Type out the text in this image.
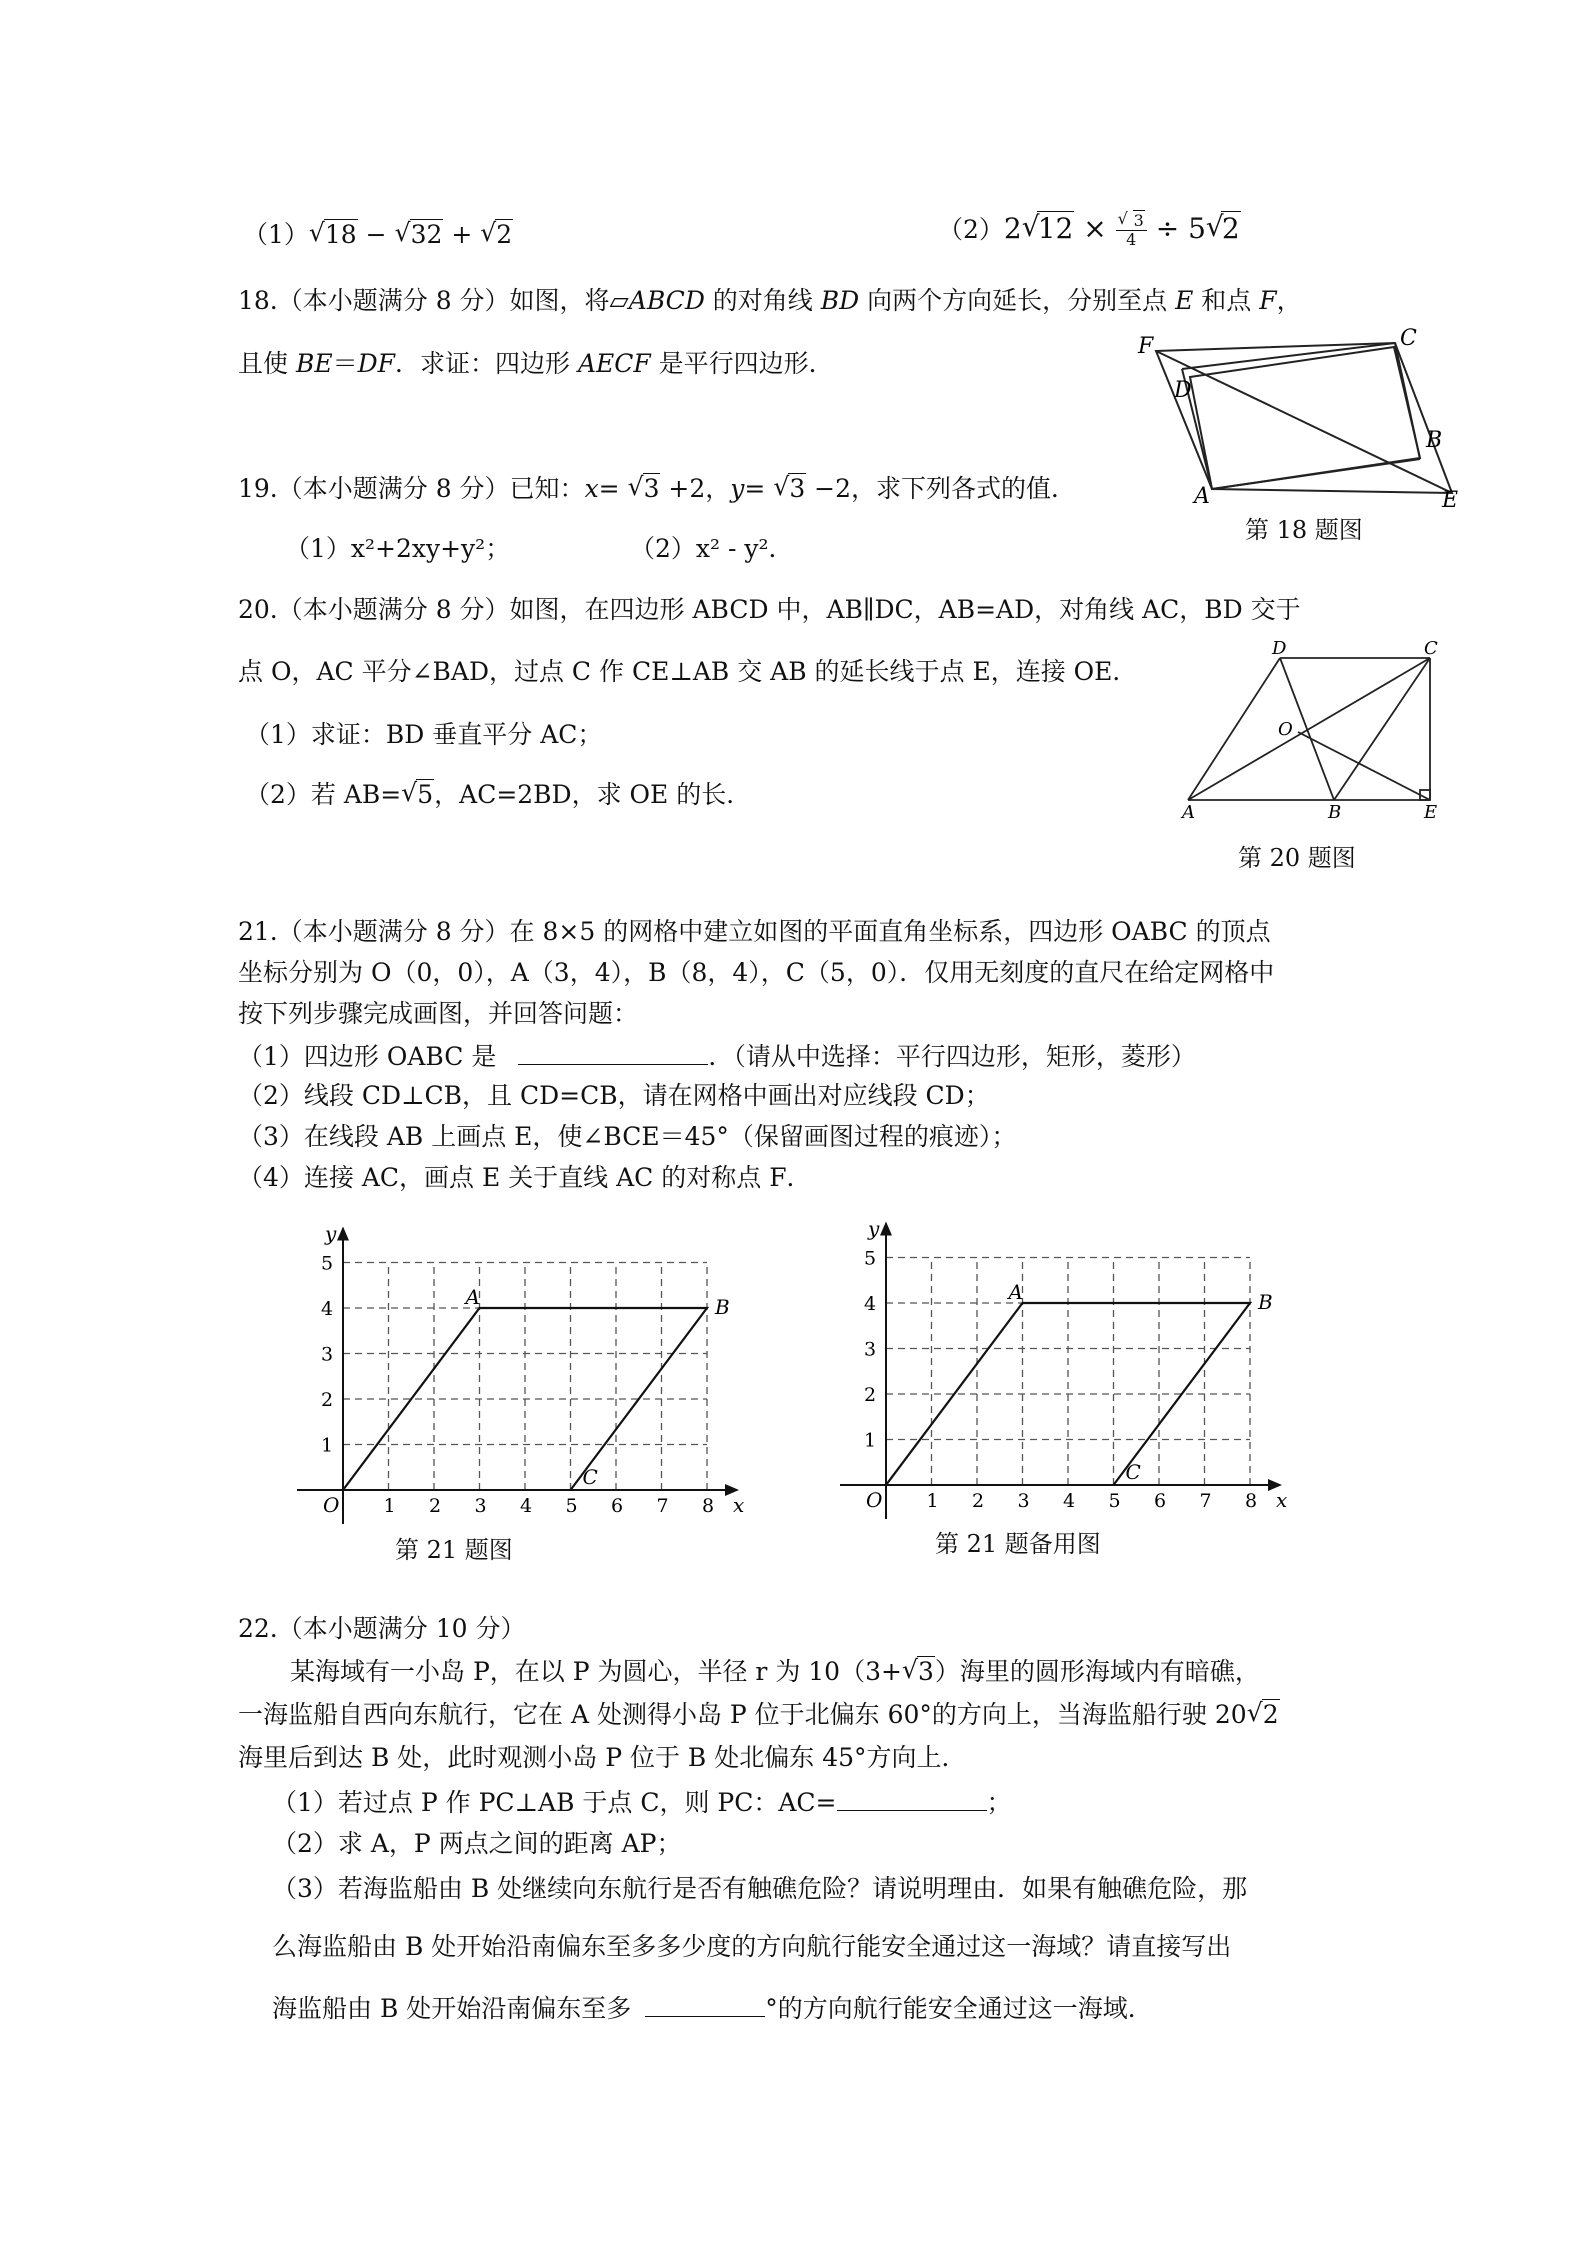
（1）√ 18 − √ 32 + √ 2	（2）2√ 12 ×
√ $\frac{3}{4} \div 5√$ 2
18.（本小题满分 8 分）如图，将▱ABCD 的对角线 BD 向两个方向延长，分别至点 E 和点 F，
且使 BE＝DF．求证：四边形 AECF 是平行四边形．
F	C
D
B
A	E
第 18 题图
19.（本小题满分 8 分）已知：x= √ 3 +2，y= √ 3 −2，求下列各式的值．
（1）x²+2xy+y²；	（2）x² - y²．
20.（本小题满分 8 分）如图，在四边形 ABCD 中，AB∥DC，AB=AD，对角线 AC，BD 交于
点 O，AC 平分∠BAD，过点 C 作 CE⊥AB 交 AB 的延长线于点 E，连接 OE．
（1）求证：BD 垂直平分 AC；
（2）若 AB=√ 5，AC=2BD，求 OE 的长．
D	C
O
A	B	E
第 20 题图
21.（本小题满分 8 分）在 8×5 的网格中建立如图的平面直角坐标系，四边形 OABC 的顶点
坐标分别为 O（0，0），A（3，4），B（8，4），C（5，0）．仅用无刻度的直尺在给定网格中
按下列步骤完成画图，并回答问题：
（1）四边形 OABC 是	．（请从中选择：平行四边形，矩形，菱形）
（2）线段 CD⊥CB，且 CD=CB，请在网格中画出对应线段 CD；
（3）在线段 AB 上画点 E，使∠BCE＝45°（保留画图过程的痕迹）；
（4）连接 AC，画点 E 关于直线 AC 的对称点 F．
1 2 3 4 5 6 7 8
1
2
3
4
5
x
y
O
A	B
C
1 2 3 4 5 6 7 8
1
2
3
4
5
x
y
O
A	B
C
第 21 题图	第 21 题备用图
22.（本小题满分 10 分）
某海域有一小岛 P，在以 P 为圆心，半径 r 为 10（3+√ 3）海里的圆形海域内有暗礁，
一海监船自西向东航行，它在 A 处测得小岛 P 位于北偏东 60°的方向上，当海监船行驶 20√ 2
海里后到达 B 处，此时观测小岛 P 位于 B 处北偏东 45°方向上．
（1）若过点 P 作 PC⊥AB 于点 C，则 PC：AC=	；
（2）求 A，P 两点之间的距离 AP；
（3）若海监船由 B 处继续向东航行是否有触礁危险？请说明理由．如果有触礁危险，那
么海监船由 B 处开始沿南偏东至多多少度的方向航行能安全通过这一海域？请直接写出
海监船由 B 处开始沿南偏东至多	°的方向航行能安全通过这一海域．
